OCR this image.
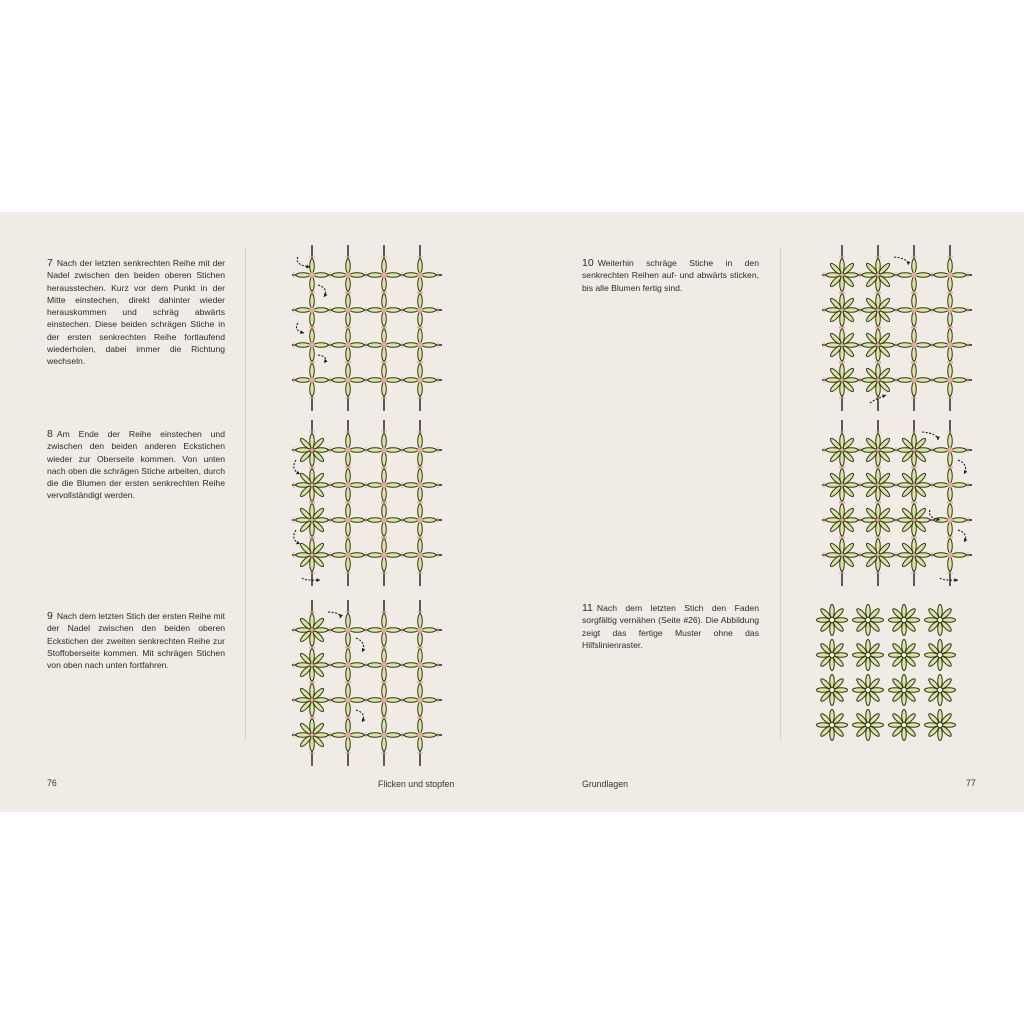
7 Nach der letzten senkrechten Reihe mit der Nadel zwischen den beiden oberen Stichen herausstechen. Kurz vor dem Punkt in der Mitte einstechen, direkt dahinter wieder herauskommen und schräg abwärts einstechen. Diese beiden schrägen Stiche in der ersten senkrechten Reihe fortlaufend wiederholen, dabei immer die Richtung wechseln.
8 Am Ende der Reihe einstechen und zwischen den beiden anderen Eckstichen wieder zur Oberseite kommen. Von unten nach oben die schrägen Stiche arbeiten, durch die die Blumen der ersten senkrechten Reihe vervollständigt werden.
9 Nach dem letzten Stich der ersten Reihe mit der Nadel zwischen den beiden oberen Eckstichen der zweiten senkrechten Reihe zur Stoffoberseite kommen. Mit schrägen Stichen von oben nach unten fortfahren.
10 Weiterhin schräge Stiche in den senkrechten Reihen auf- und abwärts sticken, bis alle Blumen fertig sind.
11 Nach dem letzten Stich den Faden sorgfältig vernähen (Seite #26). Die Abbildung zeigt das fertige Muster ohne das Hilfslinienraster.
76	Flicken und stopfen	Grundlagen	77
